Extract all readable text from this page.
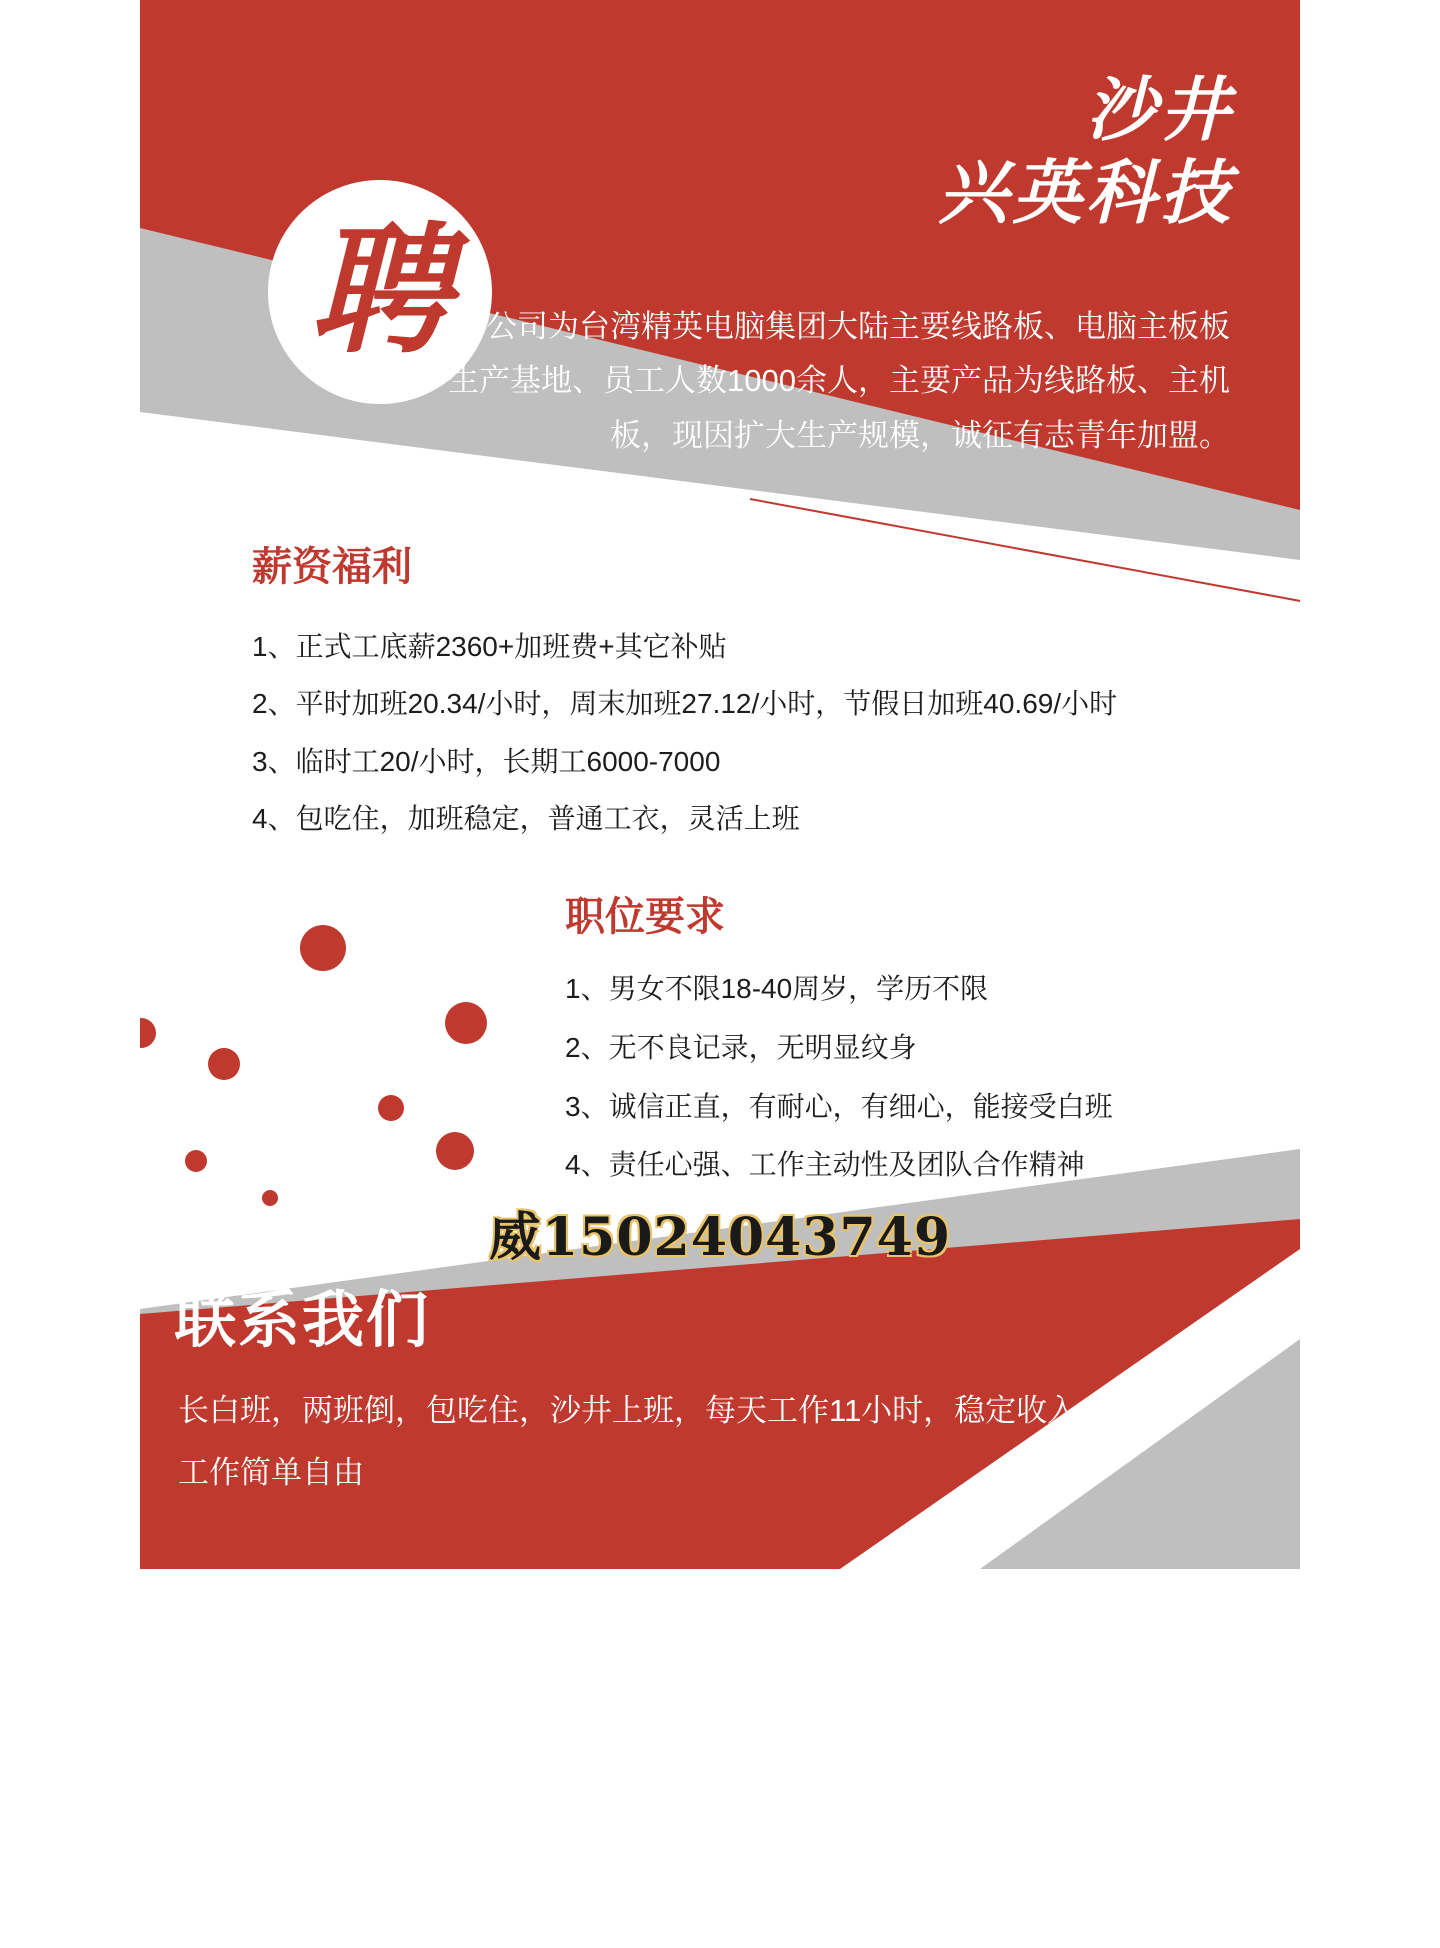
聘
沙井
兴英科技
本公司为台湾精英电脑集团大陆主要线路板、电脑主板板生产基地、员工人数1000余人，主要产品为线路板、主机板，现因扩大生产规模，诚征有志青年加盟。
薪资福利
1、正式工底薪2360+加班费+其它补贴
2、平时加班20.34/小时，周末加班27.12/小时，节假日加班40.69/小时
3、临时工20/小时，长期工6000-7000
4、包吃住，加班稳定，普通工衣，灵活上班
职位要求
1、男女不限18-40周岁，学历不限
2、无不良记录，无明显纹身
3、诚信正直，有耐心，有细心，能接受白班
4、责任心强、工作主动性及团队合作精神
威15024043749
联系我们
长白班，两班倒，包吃住，沙井上班，每天工作11小时，稳定收入，工作简单自由
